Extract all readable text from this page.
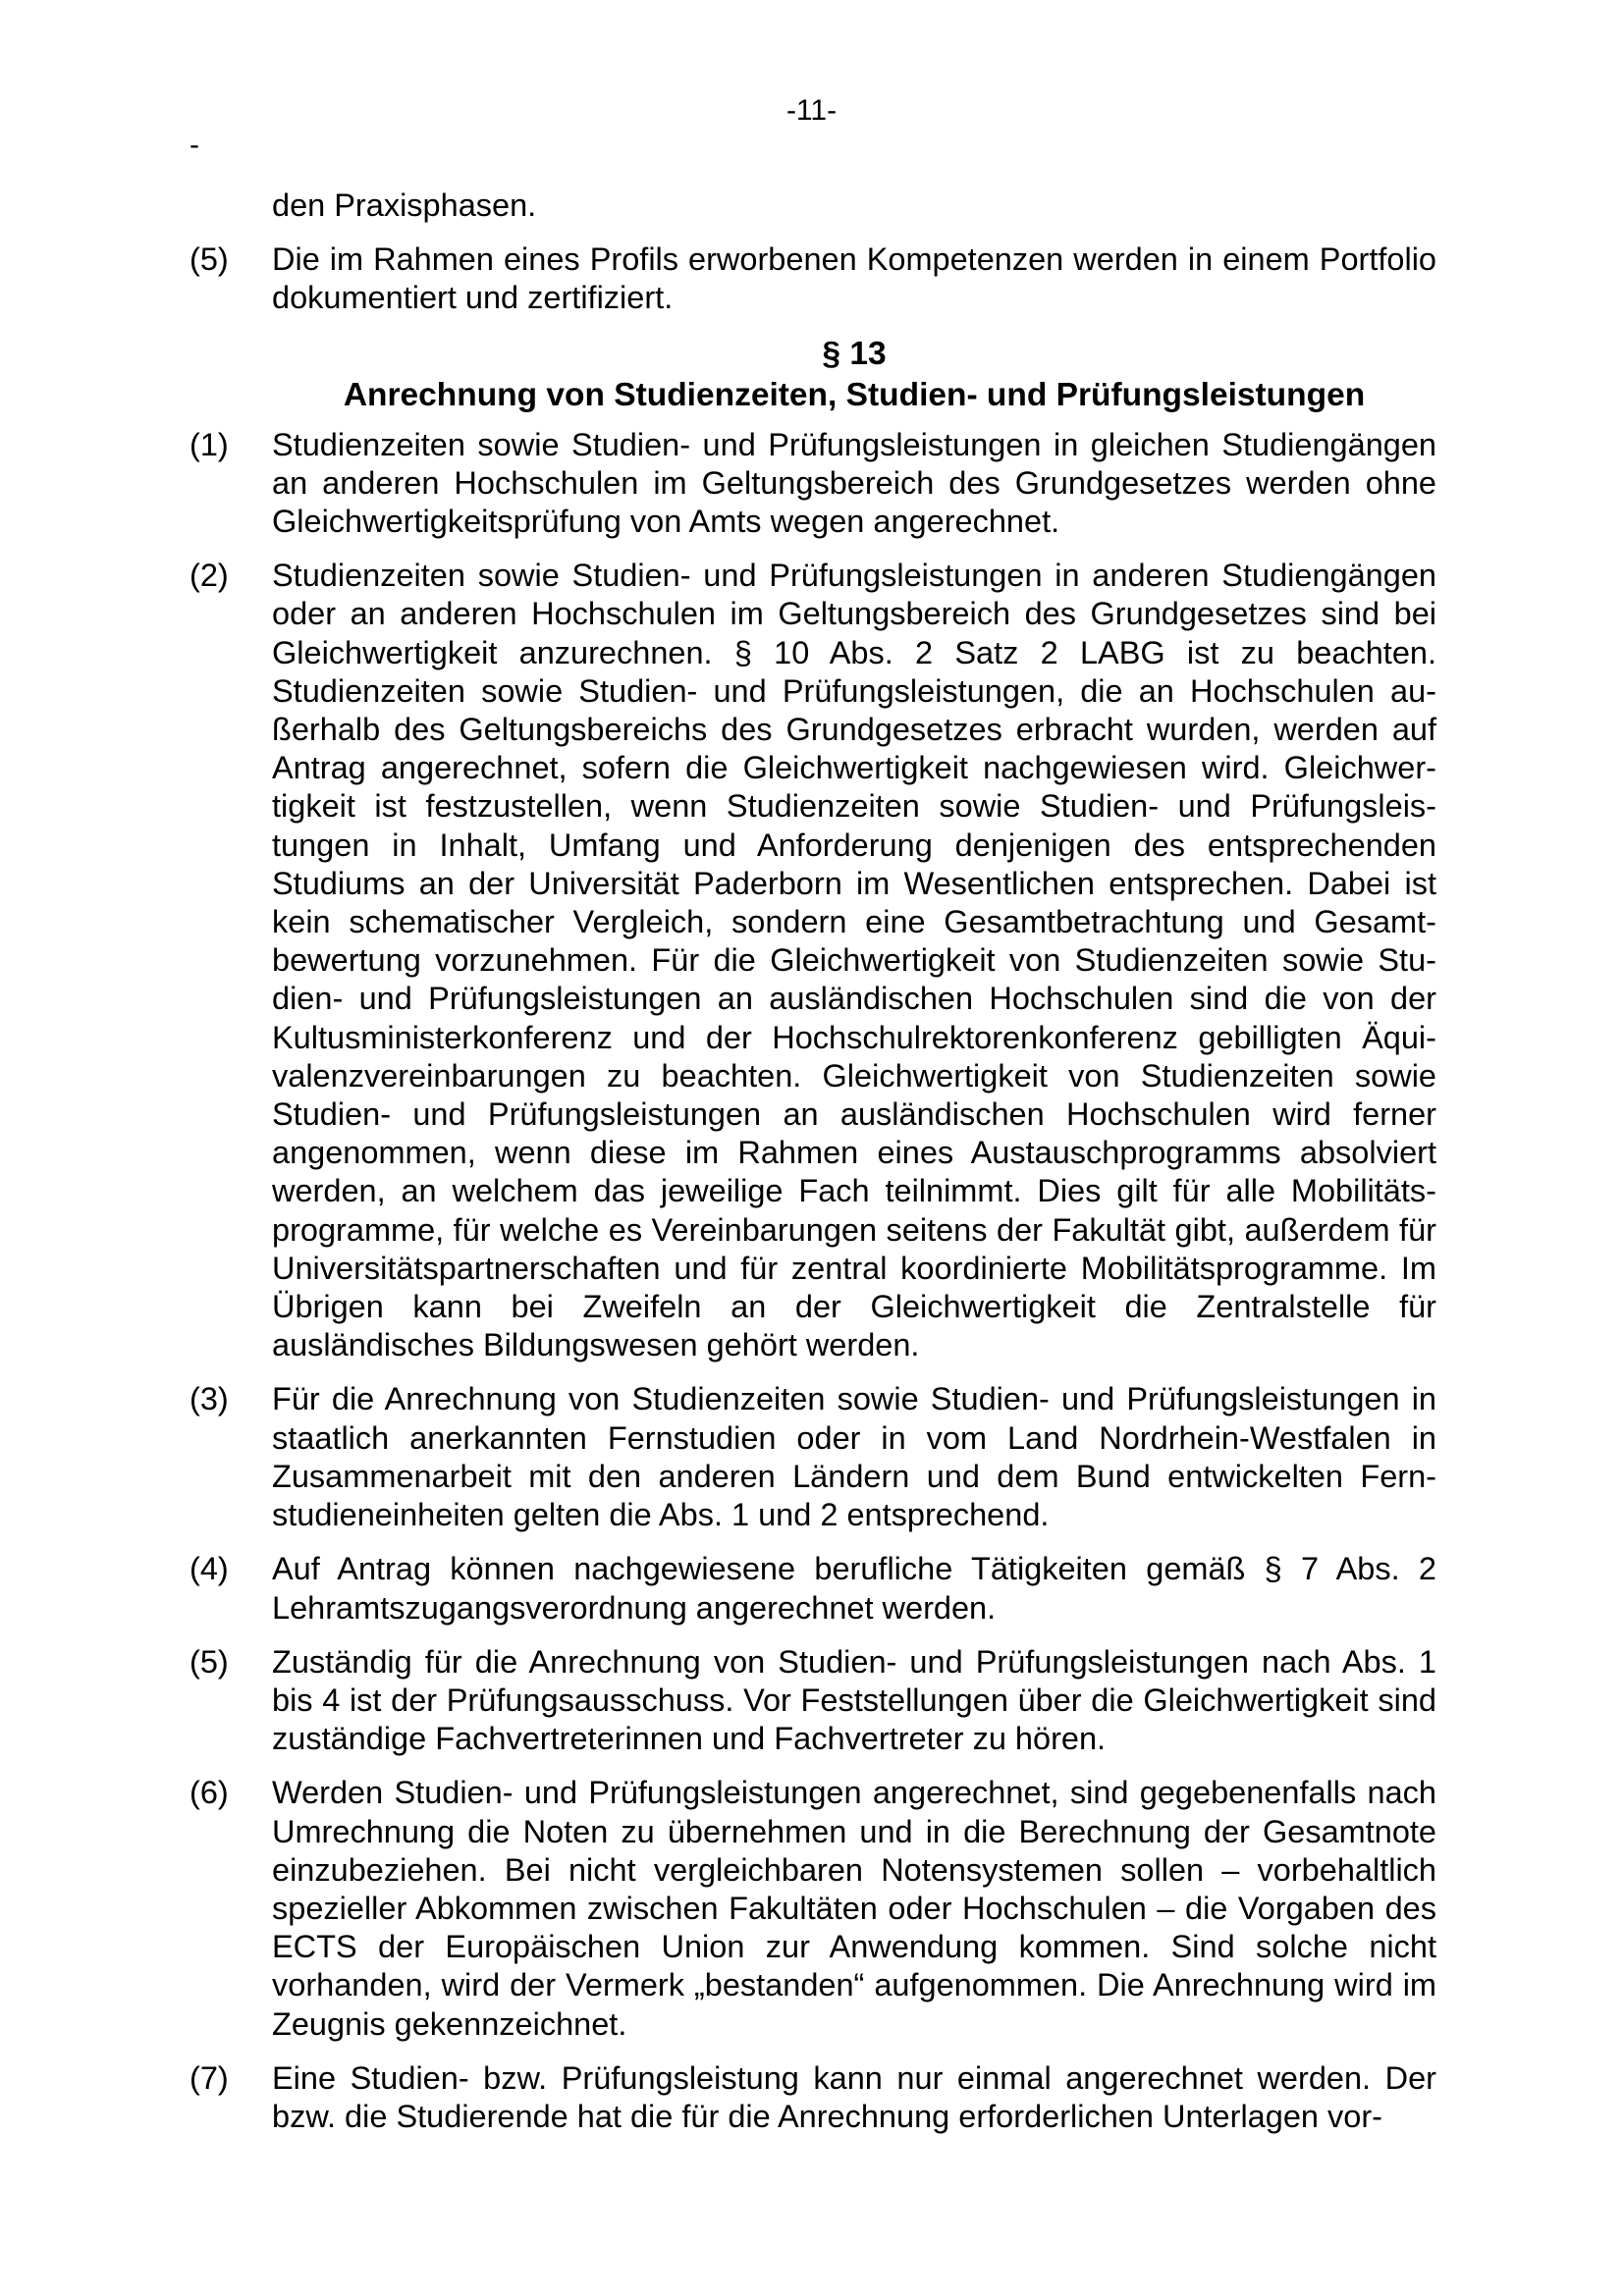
-11-
-
den Praxisphasen.
(5) Die im Rahmen eines Profils erworbenen Kompetenzen werden in einem Portfolio dokumentiert und zertifiziert.
§ 13
Anrechnung von Studienzeiten, Studien- und Prüfungsleistungen
(1) Studienzeiten sowie Studien- und Prüfungsleistungen in gleichen Studiengängen an anderen Hochschulen im Geltungsbereich des Grundgesetzes werden ohne Gleichwertigkeitsprüfung von Amts wegen angerechnet.
(2) Studienzeiten sowie Studien- und Prüfungsleistungen in anderen Studiengängen oder an anderen Hochschulen im Geltungsbereich des Grundgesetzes sind bei Gleichwertigkeit anzurechnen. § 10 Abs. 2 Satz 2 LABG ist zu beachten. Studienzeiten sowie Studien- und Prüfungsleistungen, die an Hochschulen außerhalb des Geltungsbereichs des Grundgesetzes erbracht wurden, werden auf Antrag angerechnet, sofern die Gleichwertigkeit nachgewiesen wird. Gleichwertigkeit ist festzustellen, wenn Studienzeiten sowie Studien- und Prüfungsleistungen in Inhalt, Umfang und Anforderung denjenigen des entsprechenden Studiums an der Universität Paderborn im Wesentlichen entsprechen. Dabei ist kein schematischer Vergleich, sondern eine Gesamtbetrachtung und Gesamtbewertung vorzunehmen. Für die Gleichwertigkeit von Studienzeiten sowie Studien- und Prüfungsleistungen an ausländischen Hochschulen sind die von der Kultusministerkonferenz und der Hochschulrektorenkonferenz gebilligten Äquivalenzvereinbarungen zu beachten. Gleichwertigkeit von Studienzeiten sowie Studien- und Prüfungsleistungen an ausländischen Hochschulen wird ferner angenommen, wenn diese im Rahmen eines Austauschprogramms absolviert werden, an welchem das jeweilige Fach teilnimmt. Dies gilt für alle Mobilitätsprogramme, für welche es Vereinbarungen seitens der Fakultät gibt, außerdem für Universitätspartnerschaften und für zentral koordinierte Mobilitätsprogramme. Im Übrigen kann bei Zweifeln an der Gleichwertigkeit die Zentralstelle für ausländisches Bildungswesen gehört werden.
(3) Für die Anrechnung von Studienzeiten sowie Studien- und Prüfungsleistungen in staatlich anerkannten Fernstudien oder in vom Land Nordrhein-Westfalen in Zusammenarbeit mit den anderen Ländern und dem Bund entwickelten Fernstudieneinheiten gelten die Abs. 1 und 2 entsprechend.
(4) Auf Antrag können nachgewiesene berufliche Tätigkeiten gemäß § 7 Abs. 2 Lehramtszugangsverordnung angerechnet werden.
(5) Zuständig für die Anrechnung von Studien- und Prüfungsleistungen nach Abs. 1 bis 4 ist der Prüfungsausschuss. Vor Feststellungen über die Gleichwertigkeit sind zuständige Fachvertreterinnen und Fachvertreter zu hören.
(6) Werden Studien- und Prüfungsleistungen angerechnet, sind gegebenenfalls nach Umrechnung die Noten zu übernehmen und in die Berechnung der Gesamtnote einzubeziehen. Bei nicht vergleichbaren Notensystemen sollen – vorbehaltlich spezieller Abkommen zwischen Fakultäten oder Hochschulen – die Vorgaben des ECTS der Europäischen Union zur Anwendung kommen. Sind solche nicht vorhanden, wird der Vermerk „bestanden“ aufgenommen. Die Anrechnung wird im Zeugnis gekennzeichnet.
(7) Eine Studien- bzw. Prüfungsleistung kann nur einmal angerechnet werden. Der bzw. die Studierende hat die für die Anrechnung erforderlichen Unterlagen vor-
